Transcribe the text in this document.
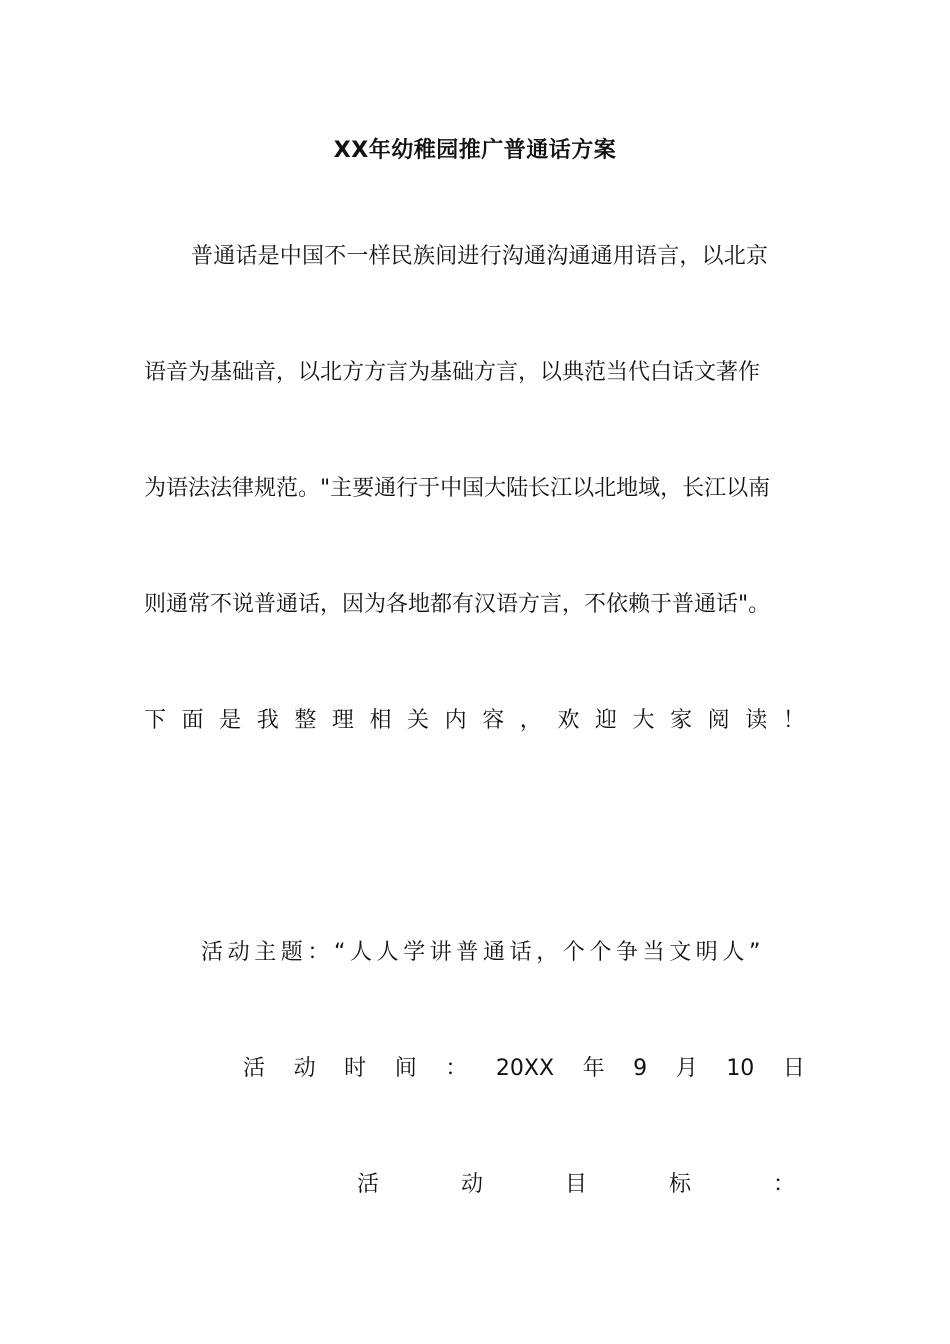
XX年幼稚园推广普通话方案
普通话是中国不一样民族间进行沟通沟通通用语言，以北京
语音为基础音，以北方方言为基础方言，以典范当代白话文著作
为语法法律规范。"主要通行于中国大陆长江以北地域，长江以南
则通常不说普通话，因为各地都有汉语方言，不依赖于普通话"。
下 面 是 我 整 理 相 关 内 容 ， 欢 迎 大 家 阅 读 ！
活动主题：“人人学讲普通话，个个争当文明人”
活 动 时 间 ： 20XX 年 9 月 10 日
活	动	目	标	：
